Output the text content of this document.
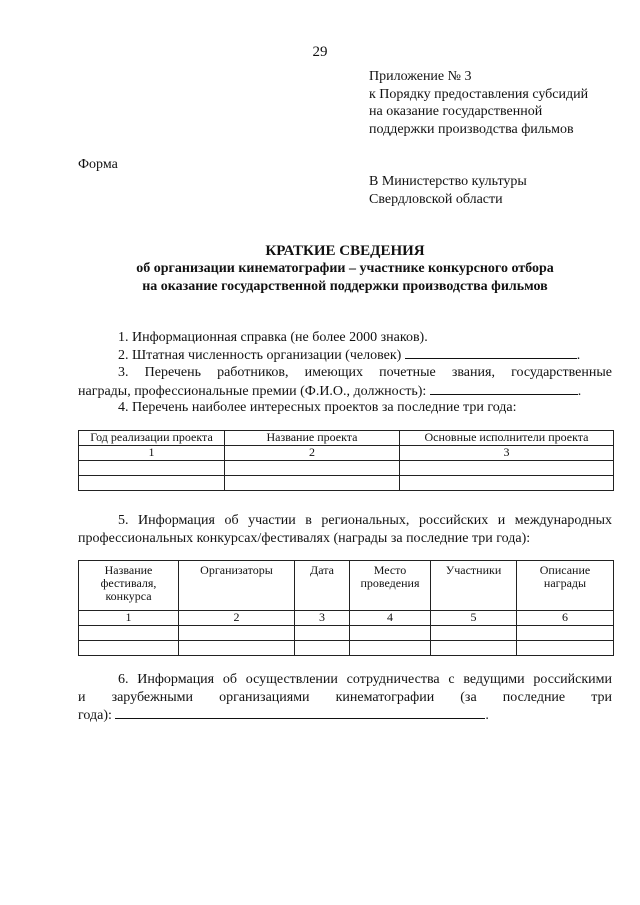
29
Приложение № 3
к Порядку предоставления субсидий
на оказание государственной
поддержки производства фильмов
Форма
В Министерство культуры
Свердловской области
КРАТКИЕ СВЕДЕНИЯ
об организации кинематографии – участнике конкурсного отбора
на оказание государственной поддержки производства фильмов
1. Информационная справка (не более 2000 знаков).
2. Штатная численность организации (человек)	.
3. Перечень работников, имеющих почетные звания, государственные
награды, профессиональные премии (Ф.И.О., должность):	.
4. Перечень наиболее интересных проектов за последние три года:
Год реализации проекта	Название проекта	Основные исполнители проекта
1	2	3

5. Информация об участии в региональных, российских и международных
профессиональных конкурсах/фестивалях (награды за последние три года):
Название фестиваля, конкурса	Организаторы	Дата	Место проведения	Участники	Описание награды
1	2	3	4	5	6

6. Информация об осуществлении сотрудничества с ведущими российскими
и зарубежными организациями кинематографии (за последние три
года):	.
